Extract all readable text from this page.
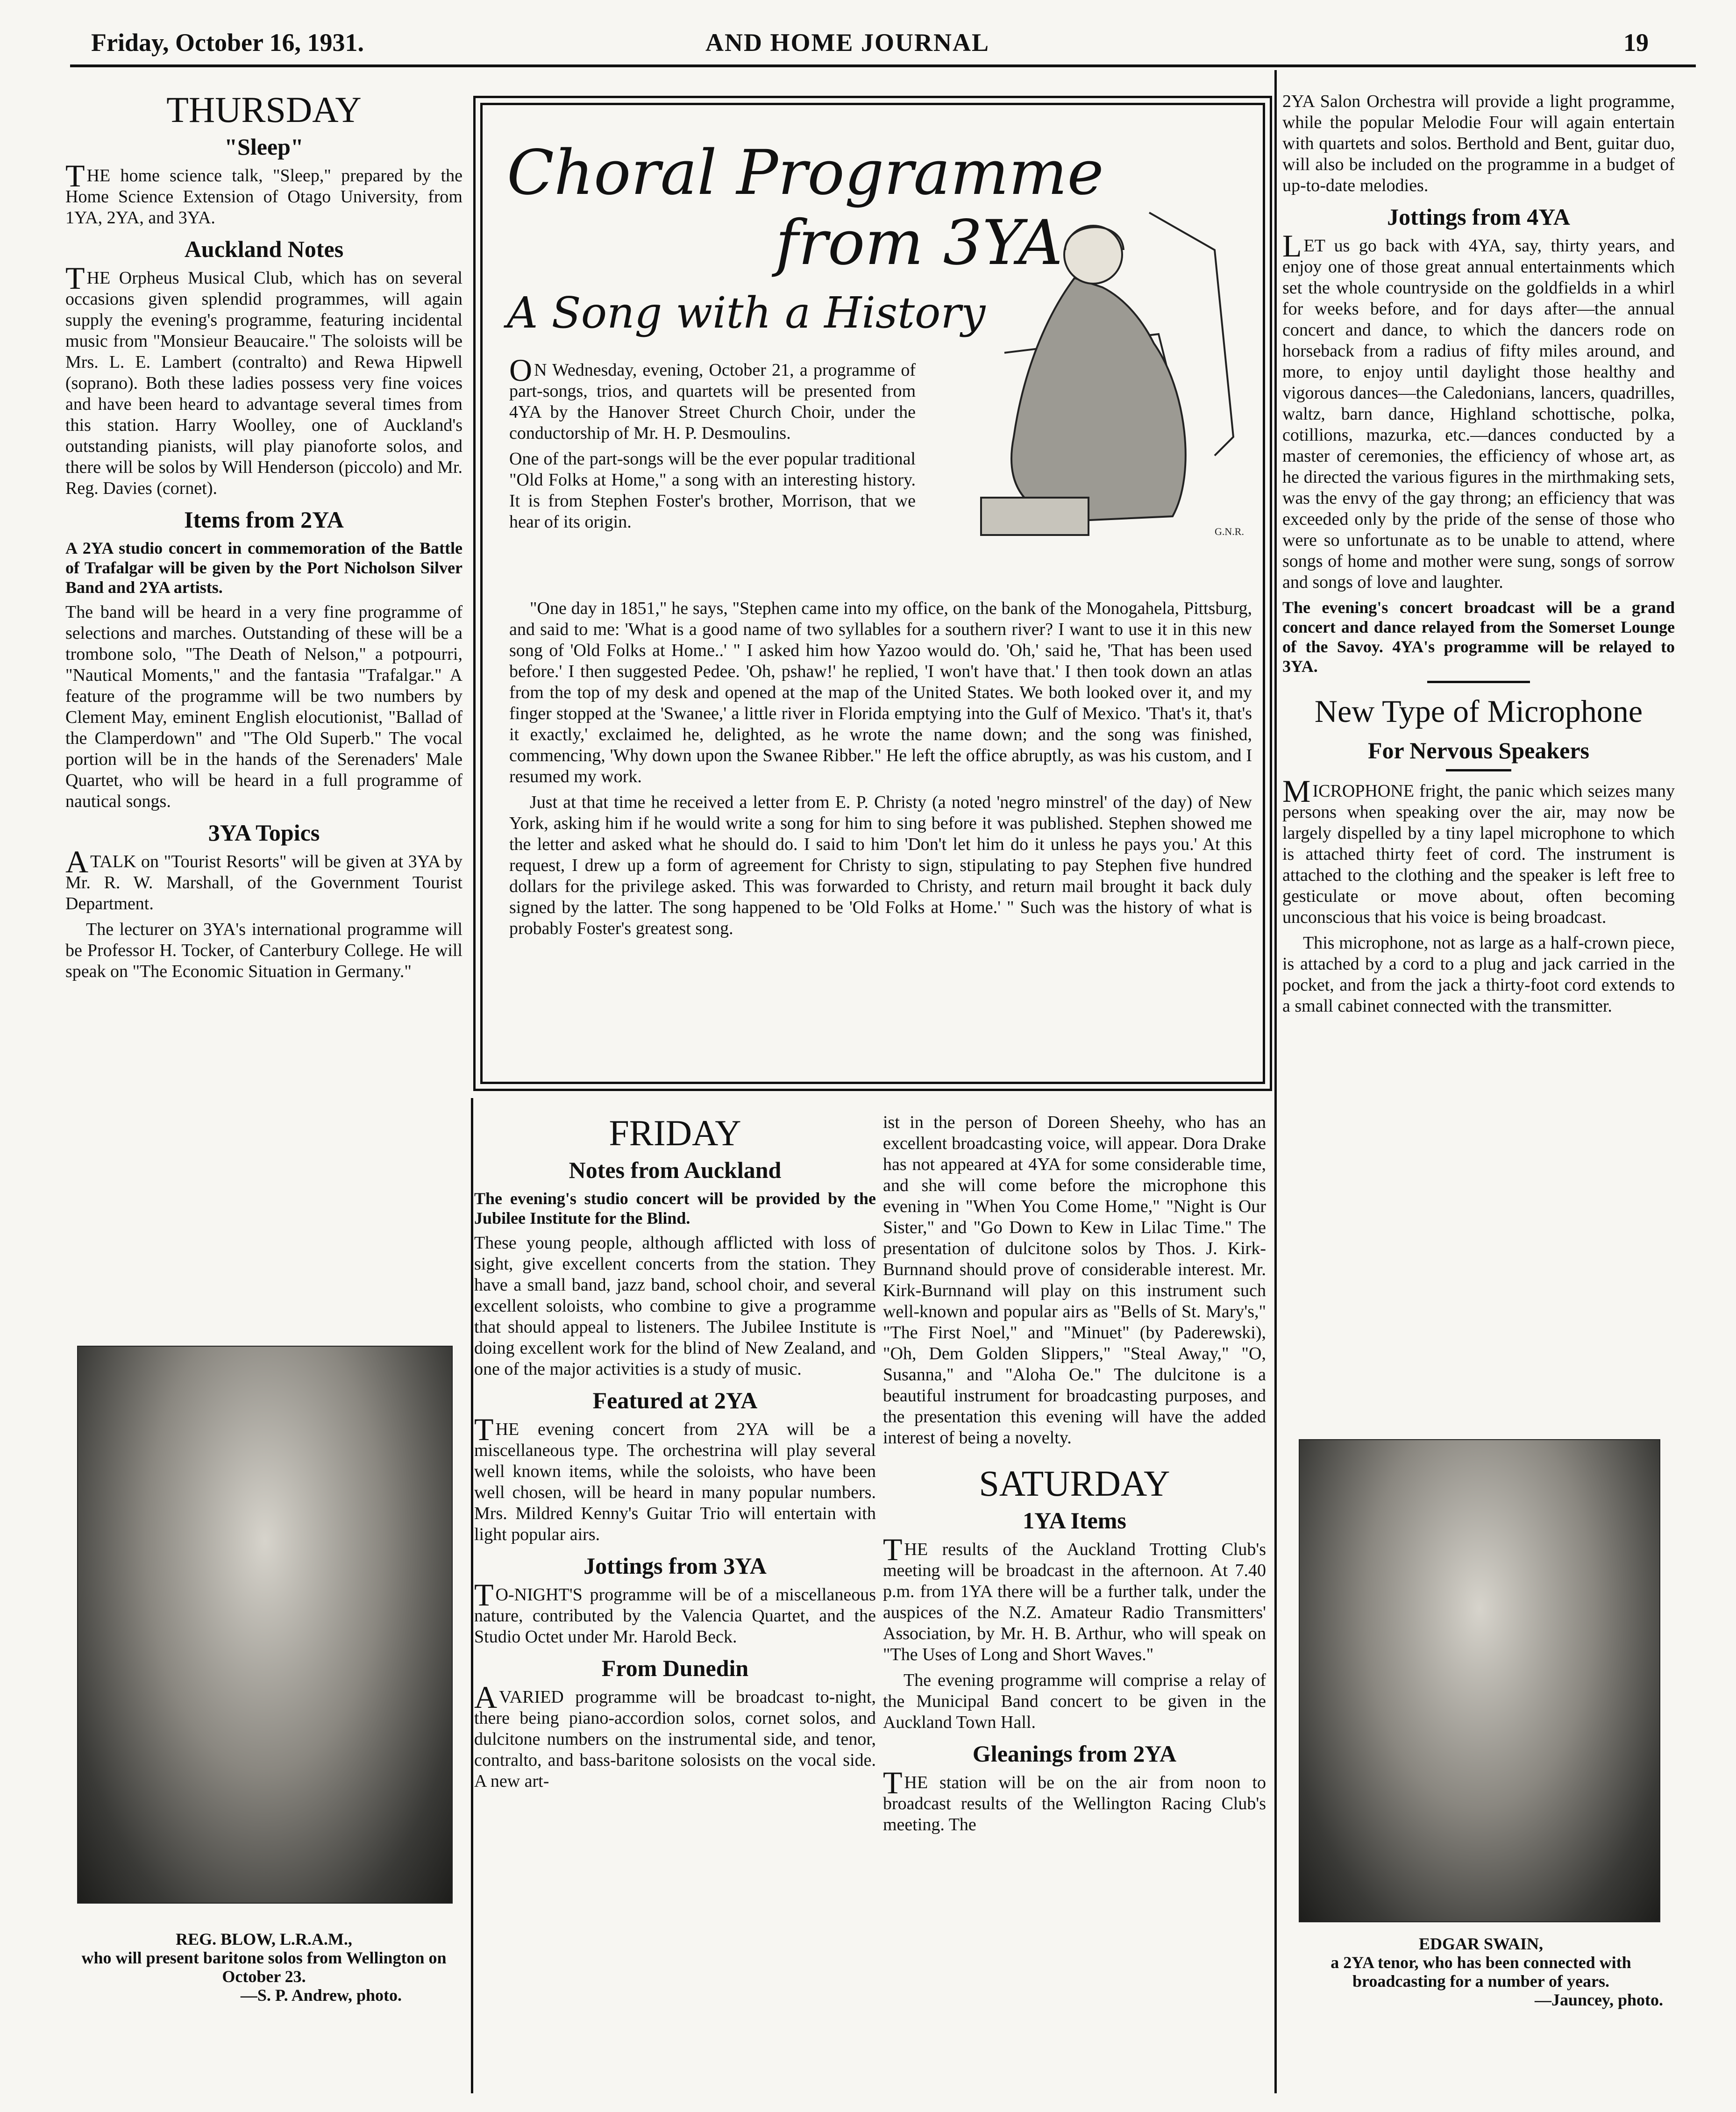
Friday, October 16, 1931.	AND HOME JOURNAL	19
THURSDAY
"Sleep"

THE home science talk, "Sleep," prepared by the Home Science Extension of Otago University, from 1YA, 2YA, and 3YA.

Auckland Notes

THE Orpheus Musical Club, which has on several occasions given splendid programmes, will again supply the evening's programme, featuring incidental music from "Monsieur Beaucaire." The soloists will be Mrs. L. E. Lambert (contralto) and Rewa Hipwell (soprano). Both these ladies possess very fine voices and have been heard to advantage several times from this station. Harry Woolley, one of Auckland's outstanding pianists, will play pianoforte solos, and there will be solos by Will Henderson (piccolo) and Mr. Reg. Davies (cornet).

Items from 2YA

A 2YA studio concert in commemoration of the Battle of Trafalgar will be given by the Port Nicholson Silver Band and 2YA artists.

The band will be heard in a very fine programme of selections and marches. Outstanding of these will be a trombone solo, "The Death of Nelson," a potpourri, "Nautical Moments," and the fantasia "Trafalgar." A feature of the programme will be two numbers by Clement May, eminent English elocutionist, "Ballad of the Clamperdown" and "The Old Superb." The vocal portion will be in the hands of the Serenaders' Male Quartet, who will be heard in a full programme of nautical songs.

3YA Topics

ATALK on "Tourist Resorts" will be given at 3YA by Mr. R. W. Marshall, of the Government Tourist Department.

The lecturer on 3YA's international programme will be Professor H. Tocker, of Canterbury College. He will speak on "The Economic Situation in Germany."

REG. BLOW, L.R.A.M.,
who will present baritone solos from Wellington on October 23.
—S. P. Andrew, photo.
Choral Programme
from 3YA
A Song with a History
G.N.R.

ON Wednesday, evening, October 21, a programme of part-songs, trios, and quartets will be presented from 4YA by the Hanover Street Church Choir, under the conductorship of Mr. H. P. Desmoulins.

One of the part-songs will be the ever popular traditional "Old Folks at Home," a song with an interesting history. It is from Stephen Foster's brother, Morrison, that we hear of its origin.

"One day in 1851," he says, "Stephen came into my office, on the bank of the Monogahela, Pittsburg, and said to me: 'What is a good name of two syllables for a southern river? I want to use it in this new song of 'Old Folks at Home..' " I asked him how Yazoo would do. 'Oh,' said he, 'That has been used before.' I then suggested Pedee. 'Oh, pshaw!' he replied, 'I won't have that.' I then took down an atlas from the top of my desk and opened at the map of the United States. We both looked over it, and my finger stopped at the 'Swanee,' a little river in Florida emptying into the Gulf of Mexico. 'That's it, that's it exactly,' exclaimed he, delighted, as he wrote the name down; and the song was finished, commencing, 'Why down upon the Swanee Ribber." He left the office abruptly, as was his custom, and I resumed my work.

Just at that time he received a letter from E. P. Christy (a noted 'negro minstrel' of the day) of New York, asking him if he would write a song for him to sing before it was published. Stephen showed me the letter and asked what he should do. I said to him 'Don't let him do it unless he pays you.' At this request, I drew up a form of agreement for Christy to sign, stipulating to pay Stephen five hundred dollars for the privilege asked. This was forwarded to Christy, and return mail brought it back duly signed by the latter. The song happened to be 'Old Folks at Home.' " Such was the history of what is probably Foster's greatest song.

FRIDAY
Notes from Auckland

The evening's studio concert will be provided by the Jubilee Institute for the Blind.

These young people, although afflicted with loss of sight, give excellent concerts from the station. They have a small band, jazz band, school choir, and several excellent soloists, who combine to give a programme that should appeal to listeners. The Jubilee Institute is doing excellent work for the blind of New Zealand, and one of the major activities is a study of music.

Featured at 2YA

THE evening concert from 2YA will be a miscellaneous type. The orchestrina will play several well known items, while the soloists, who have been well chosen, will be heard in many popular numbers. Mrs. Mildred Kenny's Guitar Trio will entertain with light popular airs.

Jottings from 3YA

TO-NIGHT'S programme will be of a miscellaneous nature, contributed by the Valencia Quartet, and the Studio Octet under Mr. Harold Beck.

From Dunedin

AVARIED programme will be broadcast to-night, there being piano-accordion solos, cornet solos, and dulcitone numbers on the instrumental side, and tenor, contralto, and bass-baritone solosists on the vocal side. A new art-

ist in the person of Doreen Sheehy, who has an excellent broadcasting voice, will appear. Dora Drake has not appeared at 4YA for some considerable time, and she will come before the microphone this evening in "When You Come Home," "Night is Our Sister," and "Go Down to Kew in Lilac Time." The presentation of dulcitone solos by Thos. J. Kirk-Burnnand should prove of considerable interest. Mr. Kirk-Burnnand will play on this instrument such well-known and popular airs as "Bells of St. Mary's," "The First Noel," and "Minuet" (by Paderewski), "Oh, Dem Golden Slippers," "Steal Away," "O, Susanna," and "Aloha Oe." The dulcitone is a beautiful instrument for broadcasting purposes, and the presentation this evening will have the added interest of being a novelty.

SATURDAY
1YA Items

THE results of the Auckland Trotting Club's meeting will be broadcast in the afternoon. At 7.40 p.m. from 1YA there will be a further talk, under the auspices of the N.Z. Amateur Radio Transmitters' Association, by Mr. H. B. Arthur, who will speak on "The Uses of Long and Short Waves."

The evening programme will comprise a relay of the Municipal Band concert to be given in the Auckland Town Hall.

Gleanings from 2YA

THE station will be on the air from noon to broadcast results of the Wellington Racing Club's meeting. The

2YA Salon Orchestra will provide a light programme, while the popular Melodie Four will again entertain with quartets and solos. Berthold and Bent, guitar duo, will also be included on the programme in a budget of up-to-date melodies.

Jottings from 4YA

LET us go back with 4YA, say, thirty years, and enjoy one of those great annual entertainments which set the whole countryside on the goldfields in a whirl for weeks before, and for days after—the annual concert and dance, to which the dancers rode on horseback from a radius of fifty miles around, and more, to enjoy until daylight those healthy and vigorous dances—the Caledonians, lancers, quadrilles, waltz, barn dance, Highland schottische, polka, cotillions, mazurka, etc.—dances conducted by a master of ceremonies, the efficiency of whose art, as he directed the various figures in the mirthmaking sets, was the envy of the gay throng; an efficiency that was exceeded only by the pride of the sense of those who were so unfortunate as to be unable to attend, where songs of home and mother were sung, songs of sorrow and songs of love and laughter.

The evening's concert broadcast will be a grand concert and dance relayed from the Somerset Lounge of the Savoy. 4YA's programme will be relayed to 3YA.

New Type of Microphone
For Nervous Speakers

MICROPHONE fright, the panic which seizes many persons when speaking over the air, may now be largely dispelled by a tiny lapel microphone to which is attached thirty feet of cord. The instrument is attached to the clothing and the speaker is left free to gesticulate or move about, often becoming unconscious that his voice is being broadcast.

This microphone, not as large as a half-crown piece, is attached by a cord to a plug and jack carried in the pocket, and from the jack a thirty-foot cord extends to a small cabinet connected with the transmitter.

EDGAR SWAIN,
a 2YA tenor, who has been connected with broadcasting for a number of years.
—Jauncey, photo.
